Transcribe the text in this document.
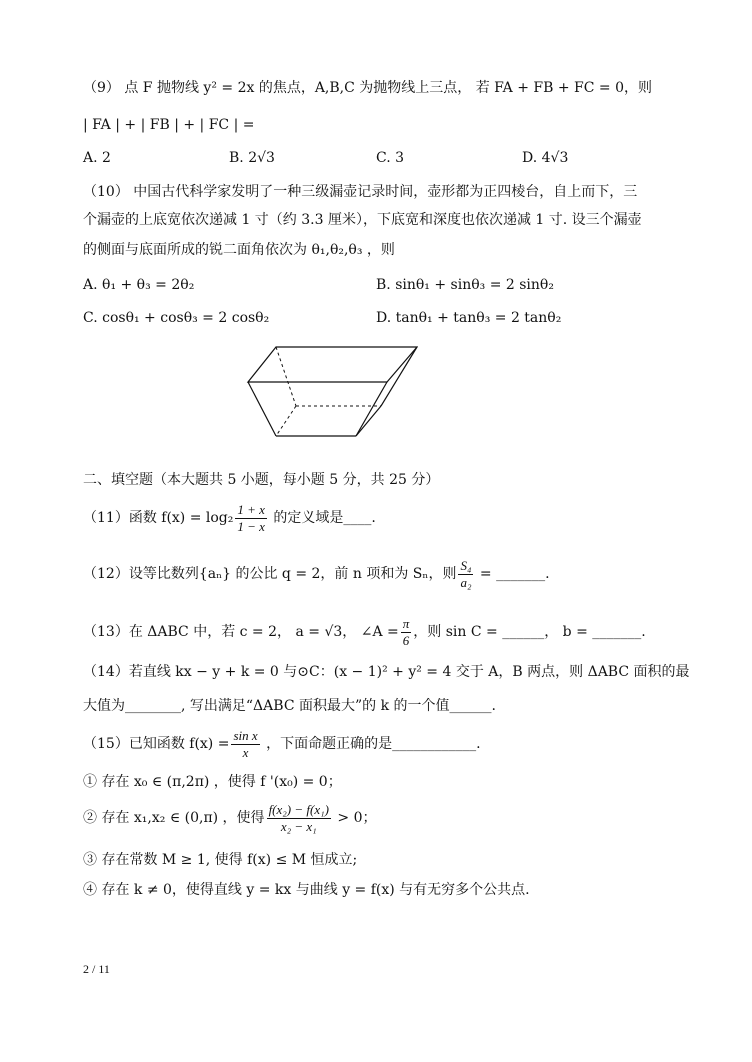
（9） 点 F 抛物线 y² = 2x 的焦点，A,B,C 为抛物线上三点， 若 FA + FB + FC = 0，则
| FA | + | FB | + | FC | =
A. 2	B. 2√3	C. 3	D. 4√3
（10） 中国古代科学家发明了一种三级漏壶记录时间，壶形都为正四棱台，自上而下，三
个漏壶的上底宽依次递减 1 寸（约 3.3 厘米），下底宽和深度也依次递减 1 寸. 设三个漏壶
的侧面与底面所成的锐二面角依次为 θ₁,θ₂,θ₃ ，则
A. θ₁ + θ₃ = 2θ₂	B. sinθ₁ + sinθ₃ = 2 sinθ₂
C. cosθ₁ + cosθ₃ = 2 cosθ₂	D. tanθ₁ + tanθ₃ = 2 tanθ₂
二、填空题（本大题共 5 小题，每小题 5 分，共 25 分）
（11）函数 $f(x) = \log_2 \frac{1 + x}{1 - x}$ 的定义域是____.
（12）设等比数列{aₙ} 的公比 q = 2，前 n 项和为 Sₙ，则 $\frac{\text{S₄}}{\text{a₂}}$ = _______.
（13）在 ΔABC 中，若 c = 2， a = √3， ∠A = $\frac{\pi}{6}$ ，则 sin C = ______， b = _______.
（14）若直线 kx − y + k = 0 与⊙C：(x − 1)² + y² = 4 交于 A，B 两点，则 ΔABC 面积的最
大值为________, 写出满足“ΔABC 面积最大”的 k 的一个值______.
（15）已知函数 $f(x) = \frac{\text{sin x}}{x}$ ，下面命题正确的是____________.
① 存在 x₀ ∈ (π,2π) ，使得 f '(x₀) = 0；
② 存在 x₁,x₂ ∈ (0,π) ，使得 $\frac{\text{f(x₂) − f(x₁)}}{\text{x₂ − x₁}} > 0$；
③ 存在常数 M ≥ 1, 使得 f(x) ≤ M 恒成立;
④ 存在 k ≠ 0，使得直线 y = kx 与曲线 y = f(x) 与有无穷多个公共点.
2 / 11
